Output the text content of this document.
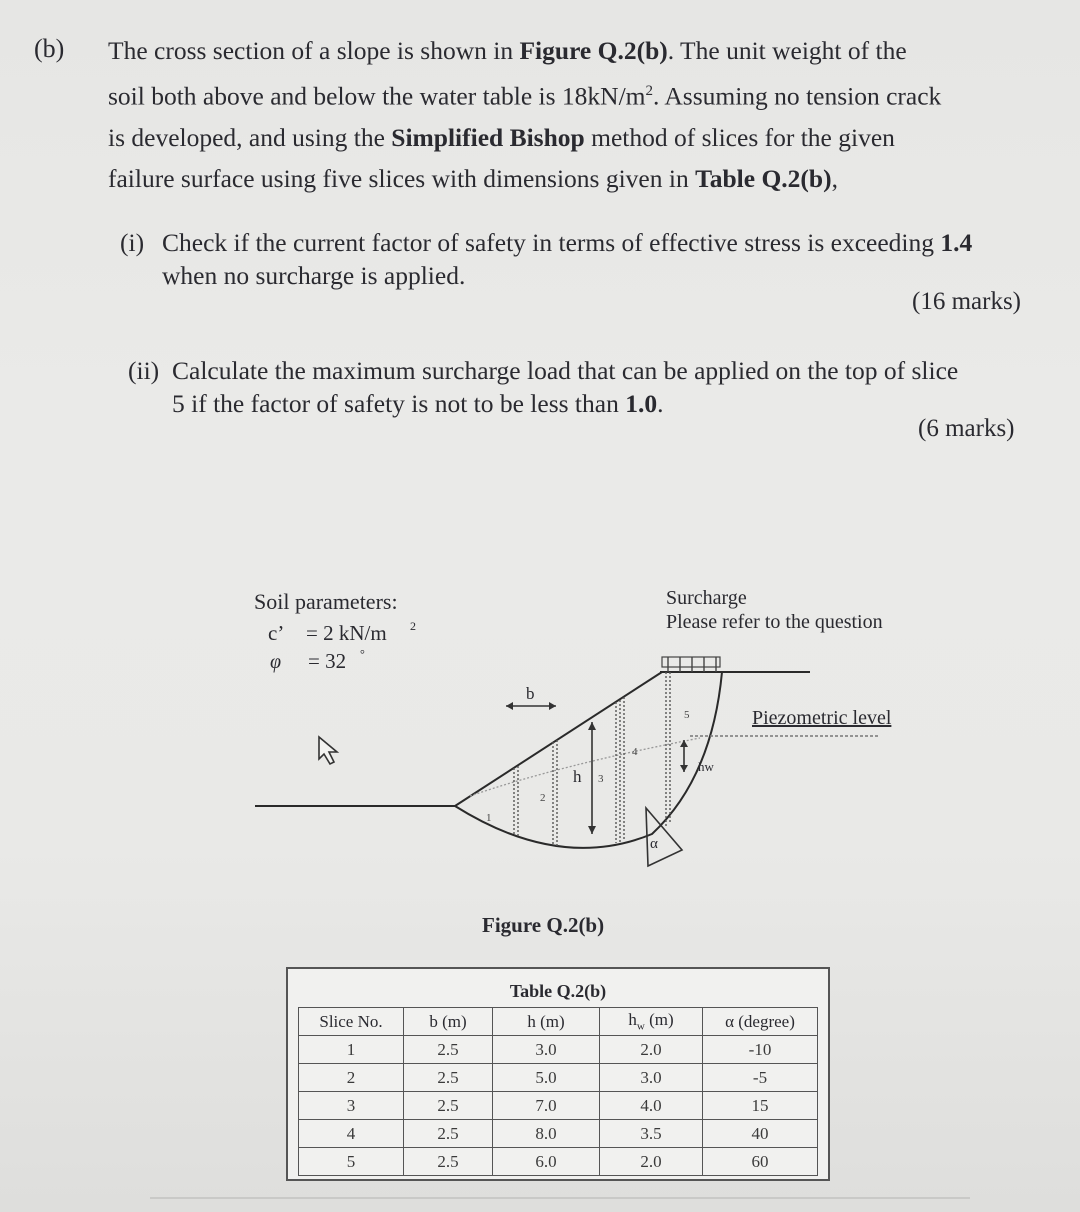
(b) The cross section of a slope is shown in Figure Q.2(b). The unit weight of the
soil both above and below the water table is $18kN/m^2$. Assuming no tension crack
is developed, and using the Simplified Bishop method of slices for the given
failure surface using five slices with dimensions given in Table Q.2(b),
(i) Check if the current factor of safety in terms of effective stress is exceeding 1.4
when no surcharge is applied.
(16 marks)
(ii) Calculate the maximum surcharge load that can be applied on the top of slice
5 if the factor of safety is not to be less than 1.0.
(6 marks)
Soil parameters:
c’ = 2 kN/m 2
φ = 32 °
Surcharge
Please refer to the question
Piezometric level
b
h
hw
α
1
2
3
4
5
Figure Q.2(b)
Table Q.2(b)
Slice No.	b (m)	h (m)	$h_w$ (m)	α (degree)
1	2.5	3.0	2.0	-10
2	2.5	5.0	3.0	-5
3	2.5	7.0	4.0	15
4	2.5	8.0	3.5	40
5	2.5	6.0	2.0	60
